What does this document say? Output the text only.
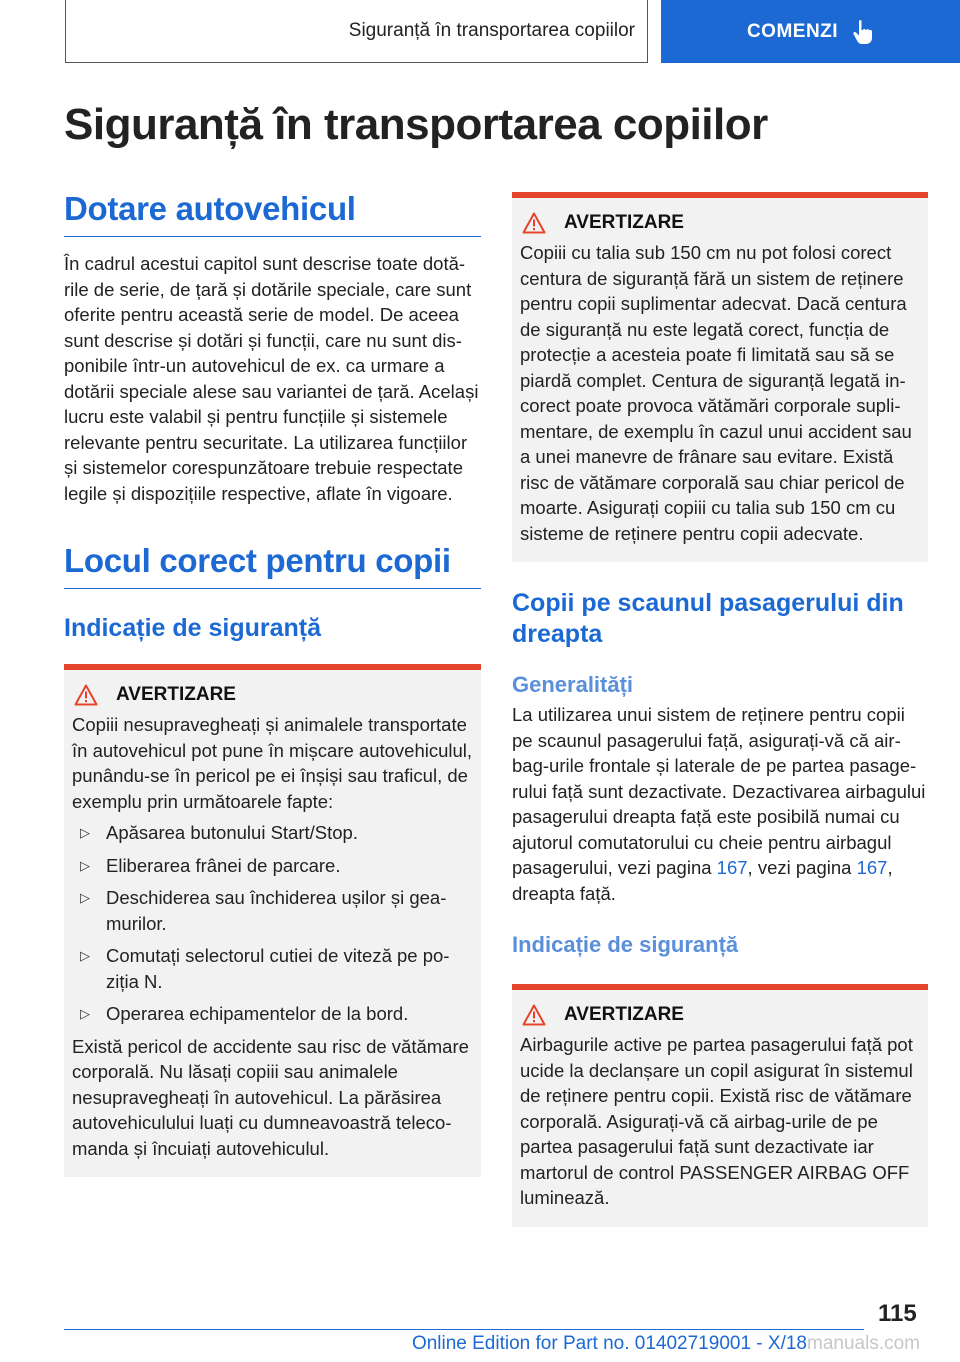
Siguranță în transportarea copiilor	COMENZI
Siguranță în transportarea copiilor
Dotare autovehicul

În cadrul acestui capitol sunt descrise toate dotările de serie, de țară și dotările speciale, care sunt oferite pentru această serie de model. De aceea sunt descrise și dotări și funcții, care nu sunt disponibile într-un autovehicul de ex. ca urmare a dotării speciale alese sau variantei de țară. Același lucru este valabil și pentru funcțiile și sistemele relevante pentru securitate. La utilizarea funcțiilor și sistemelor corespunzătoare trebuie respectate legile și dispozițiile respective, aflate în vigoare.

Locul corect pentru copii
Indicație de siguranță
AVERTIZARE

Copiii nesupravegheați și animalele transportate în autovehicul pot pune în mișcare autovehiculul, punându-se în pericol pe ei înșiși sau traficul, de exemplu prin următoarele fapte:

▷ Apăsarea butonului Start/Stop.
▷ Eliberarea frânei de parcare.
▷ Deschiderea sau închiderea ușilor și geamurilor.
▷ Comutați selectorul cutiei de viteză pe poziția N.
▷ Operarea echipamentelor de la bord.

Există pericol de accidente sau risc de vătămare corporală. Nu lăsați copiii sau animalele nesupravegheați în autovehicul. La părăsirea autovehiculului luați cu dumneavoastră telecomanda și încuiați autovehiculul.

AVERTIZARE

Copiii cu talia sub 150 cm nu pot folosi corect centura de siguranță fără un sistem de reținere pentru copii suplimentar adecvat. Dacă centura de siguranță nu este legată corect, funcția de protecție a acesteia poate fi limitată sau să se piardă complet. Centura de siguranță legată incorect poate provoca vătămări corporale suplimentare, de exemplu în cazul unui accident sau a unei manevre de frânare sau evitare. Există risc de vătămare corporală sau chiar pericol de moarte. Asigurați copiii cu talia sub 150 cm cu sisteme de reținere pentru copii adecvate.

Copii pe scaunul pasagerului din dreapta
Generalități

La utilizarea unui sistem de reținere pentru copii pe scaunul pasagerului față, asigurați-vă că airbag-urile frontale și laterale de pe partea pasagerului față sunt dezactivate. Dezactivarea airbagului pasagerului dreapta față este posibilă numai cu ajutorul comutatorului cu cheie pentru airbagul pasagerului, vezi pagina 167, vezi pagina 167, dreapta față.

Indicație de siguranță
AVERTIZARE

Airbagurile active pe partea pasagerului față pot ucide la declanșare un copil asigurat în sistemul de reținere pentru copii. Există risc de vătămare corporală. Asigurați-vă că airbag-urile de pe partea pasagerului față sunt dezactivate iar martorul de control PASSENGER AIRBAG OFF luminează.

115
Online Edition for Part no. 01402719001 - X/18manuals.com
